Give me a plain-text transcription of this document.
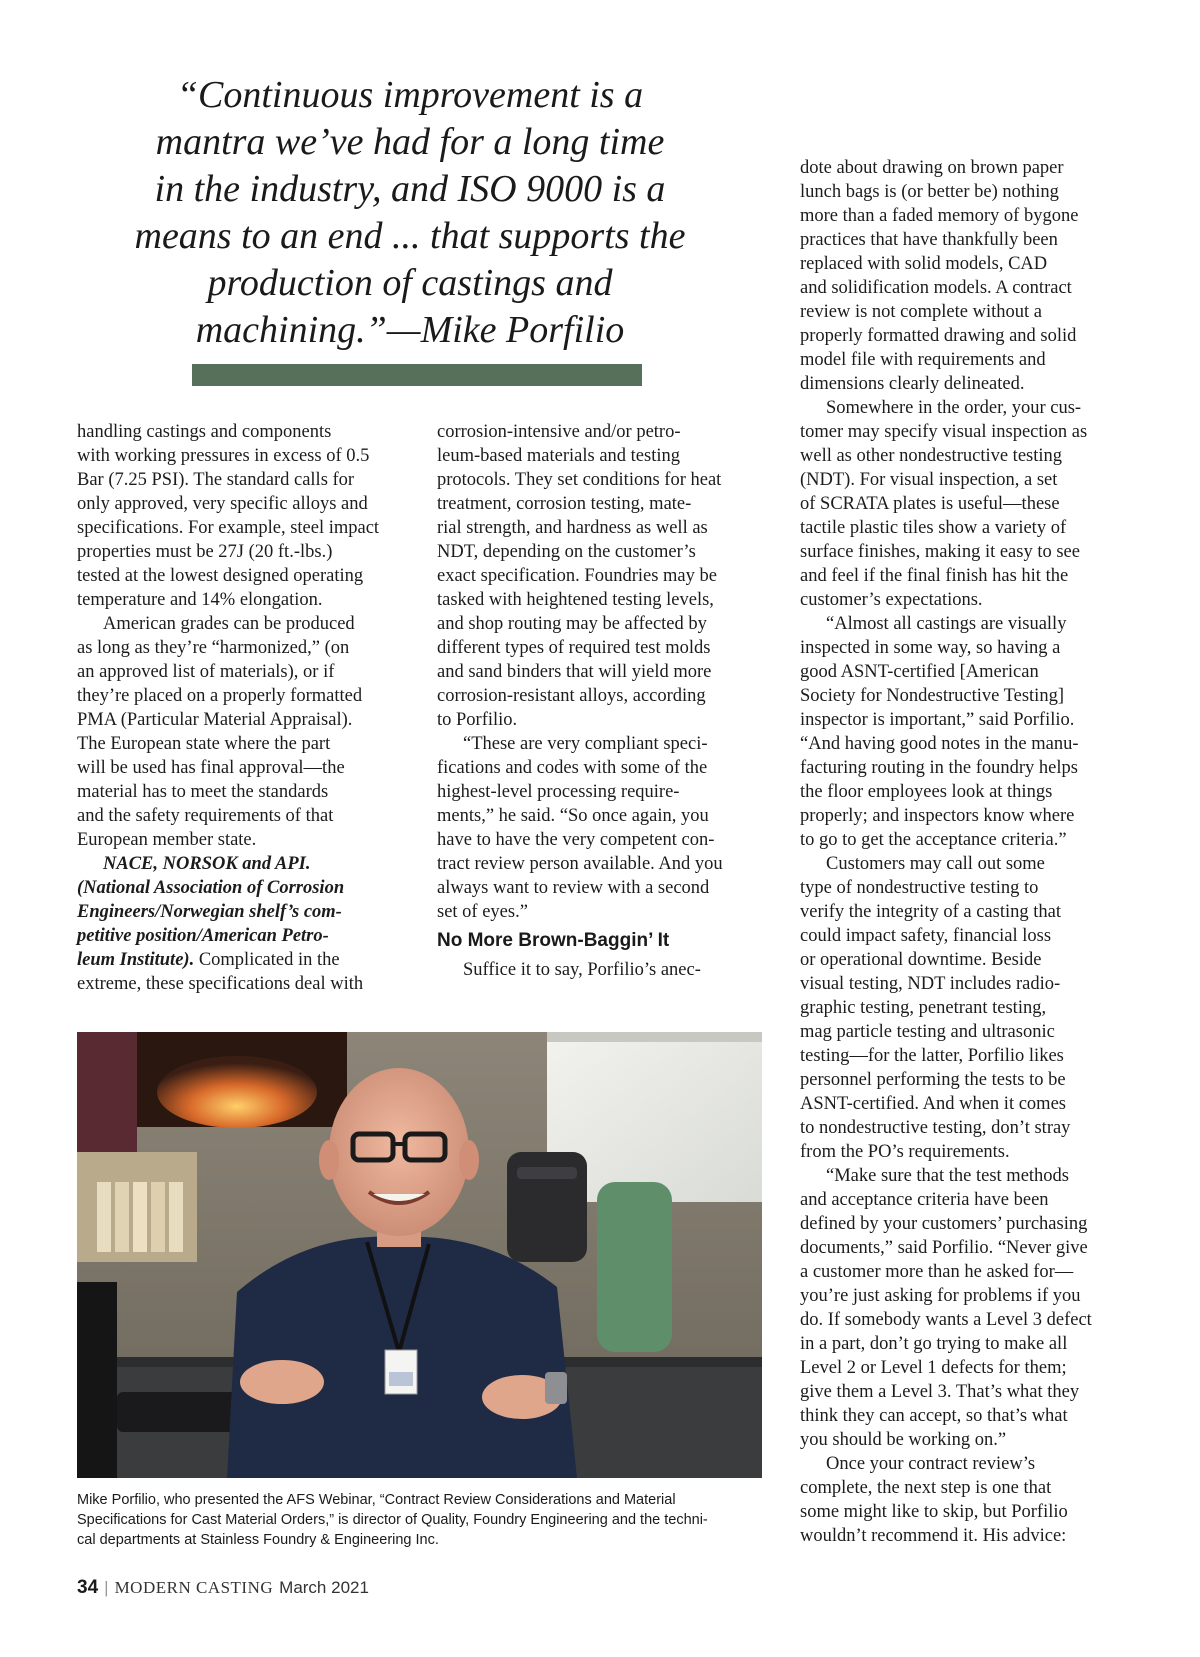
“Continuous improvement is a
mantra we’ve had for a long time
in the industry, and ISO 9000 is a
means to an end ... that supports the
production of castings and
machining.”—Mike Porfilio
handling castings and components
with working pressures in excess of 0.5
Bar (7.25 PSI). The standard calls for
only approved, very specific alloys and
specifications. For example, steel impact
properties must be 27J (20 ft.-lbs.)
tested at the lowest designed operating
temperature and 14% elongation.
American grades can be produced
as long as they’re “harmonized,” (on
an approved list of materials), or if
they’re placed on a properly formatted
PMA (Particular Material Appraisal).
The European state where the part
will be used has final approval—the
material has to meet the standards
and the safety requirements of that
European member state.
NACE, NORSOK and API.
(National Association of Corrosion
Engineers/Norwegian shelf’s com-
petitive position/American Petro-
leum Institute). Complicated in the
extreme, these specifications deal with
corrosion-intensive and/or petro-
leum-based materials and testing
protocols. They set conditions for heat
treatment, corrosion testing, mate-
rial strength, and hardness as well as
NDT, depending on the customer’s
exact specification. Foundries may be
tasked with heightened testing levels,
and shop routing may be affected by
different types of required test molds
and sand binders that will yield more
corrosion-resistant alloys, according
to Porfilio.
“These are very compliant speci-
fications and codes with some of the
highest-level processing require-
ments,” he said. “So once again, you
have to have the very competent con-
tract review person available. And you
always want to review with a second
set of eyes.”
No More Brown-Baggin’ It
Suffice it to say, Porfilio’s anec-
dote about drawing on brown paper
lunch bags is (or better be) nothing
more than a faded memory of bygone
practices that have thankfully been
replaced with solid models, CAD
and solidification models. A contract
review is not complete without a
properly formatted drawing and solid
model file with requirements and
dimensions clearly delineated.
Somewhere in the order, your cus-
tomer may specify visual inspection as
well as other nondestructive testing
(NDT). For visual inspection, a set
of SCRATA plates is useful—these
tactile plastic tiles show a variety of
surface finishes, making it easy to see
and feel if the final finish has hit the
customer’s expectations.
“Almost all castings are visually
inspected in some way, so having a
good ASNT-certified [American
Society for Nondestructive Testing]
inspector is important,” said Porfilio.
“And having good notes in the manu-
facturing routing in the foundry helps
the floor employees look at things
properly; and inspectors know where
to go to get the acceptance criteria.”
Customers may call out some
type of nondestructive testing to
verify the integrity of a casting that
could impact safety, financial loss
or operational downtime. Beside
visual testing, NDT includes radio-
graphic testing, penetrant testing,
mag particle testing and ultrasonic
testing—for the latter, Porfilio likes
personnel performing the tests to be
ASNT-certified. And when it comes
to nondestructive testing, don’t stray
from the PO’s requirements.
“Make sure that the test methods
and acceptance criteria have been
defined by your customers’ purchasing
documents,” said Porfilio. “Never give
a customer more than he asked for—
you’re just asking for problems if you
do. If somebody wants a Level 3 defect
in a part, don’t go trying to make all
Level 2 or Level 1 defects for them;
give them a Level 3. That’s what they
think they can accept, so that’s what
you should be working on.”
Once your contract review’s
complete, the next step is one that
some might like to skip, but Porfilio
wouldn’t recommend it. His advice:
Mike Porfilio, who presented the AFS Webinar, “Contract Review Considerations and Material
Specifications for Cast Material Orders,” is director of Quality, Foundry Engineering and the techni-
cal departments at Stainless Foundry & Engineering Inc.
34 | MODERN CASTING March 2021
